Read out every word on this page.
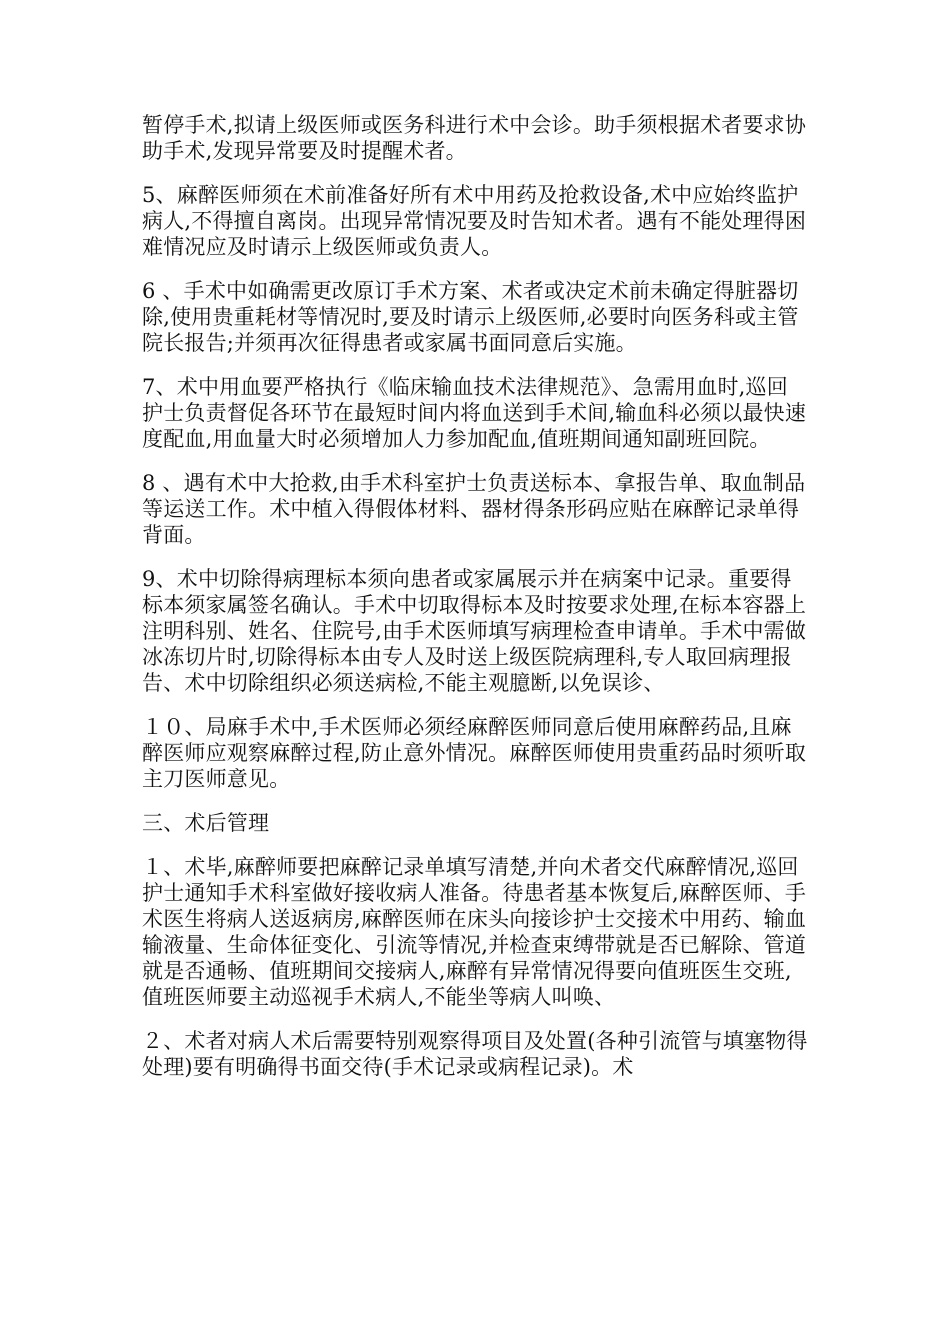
暂停手术,拟请上级医师或医务科进行术中会诊。助手须根据术者要求协助手术,发现异常要及时提醒术者。

5、麻醉医师须在术前准备好所有术中用药及抢救设备,术中应始终监护病人,不得擅自离岗。出现异常情况要及时告知术者。遇有不能处理得困难情况应及时请示上级医师或负责人。

6 、手术中如确需更改原订手术方案、术者或决定术前未确定得脏器切除,使用贵重耗材等情况时,要及时请示上级医师,必要时向医务科或主管院长报告;并须再次征得患者或家属书面同意后实施。

7、术中用血要严格执行《临床输血技术法律规范》、急需用血时,巡回护士负责督促各环节在最短时间内将血送到手术间,输血科必须以最快速度配血,用血量大时必须增加人力参加配血,值班期间通知副班回院。

8 、遇有术中大抢救,由手术科室护士负责送标本、拿报告单、取血制品等运送工作。术中植入得假体材料、器材得条形码应贴在麻醉记录单得背面。

9、术中切除得病理标本须向患者或家属展示并在病案中记录。重要得标本须家属签名确认。手术中切取得标本及时按要求处理,在标本容器上注明科别、姓名、住院号,由手术医师填写病理检查申请单。手术中需做冰冻切片时,切除得标本由专人及时送上级医院病理科,专人取回病理报告、术中切除组织必须送病检,不能主观臆断,以免误诊、

１０、局麻手术中,手术医师必须经麻醉医师同意后使用麻醉药品,且麻醉医师应观察麻醉过程,防止意外情况。麻醉医师使用贵重药品时须听取主刀医师意见。

三、术后管理

１、术毕,麻醉师要把麻醉记录单填写清楚,并向术者交代麻醉情况,巡回护士通知手术科室做好接收病人准备。待患者基本恢复后,麻醉医师、手术医生将病人送返病房,麻醉医师在床头向接诊护士交接术中用药、输血输液量、生命体征变化、引流等情况,并检查束缚带就是否已解除、管道就是否通畅、值班期间交接病人,麻醉有异常情况得要向值班医生交班,值班医师要主动巡视手术病人,不能坐等病人叫唤、

２、术者对病人术后需要特别观察得项目及处置(各种引流管与填塞物得处理)要有明确得书面交待(手术记录或病程记录)。术
